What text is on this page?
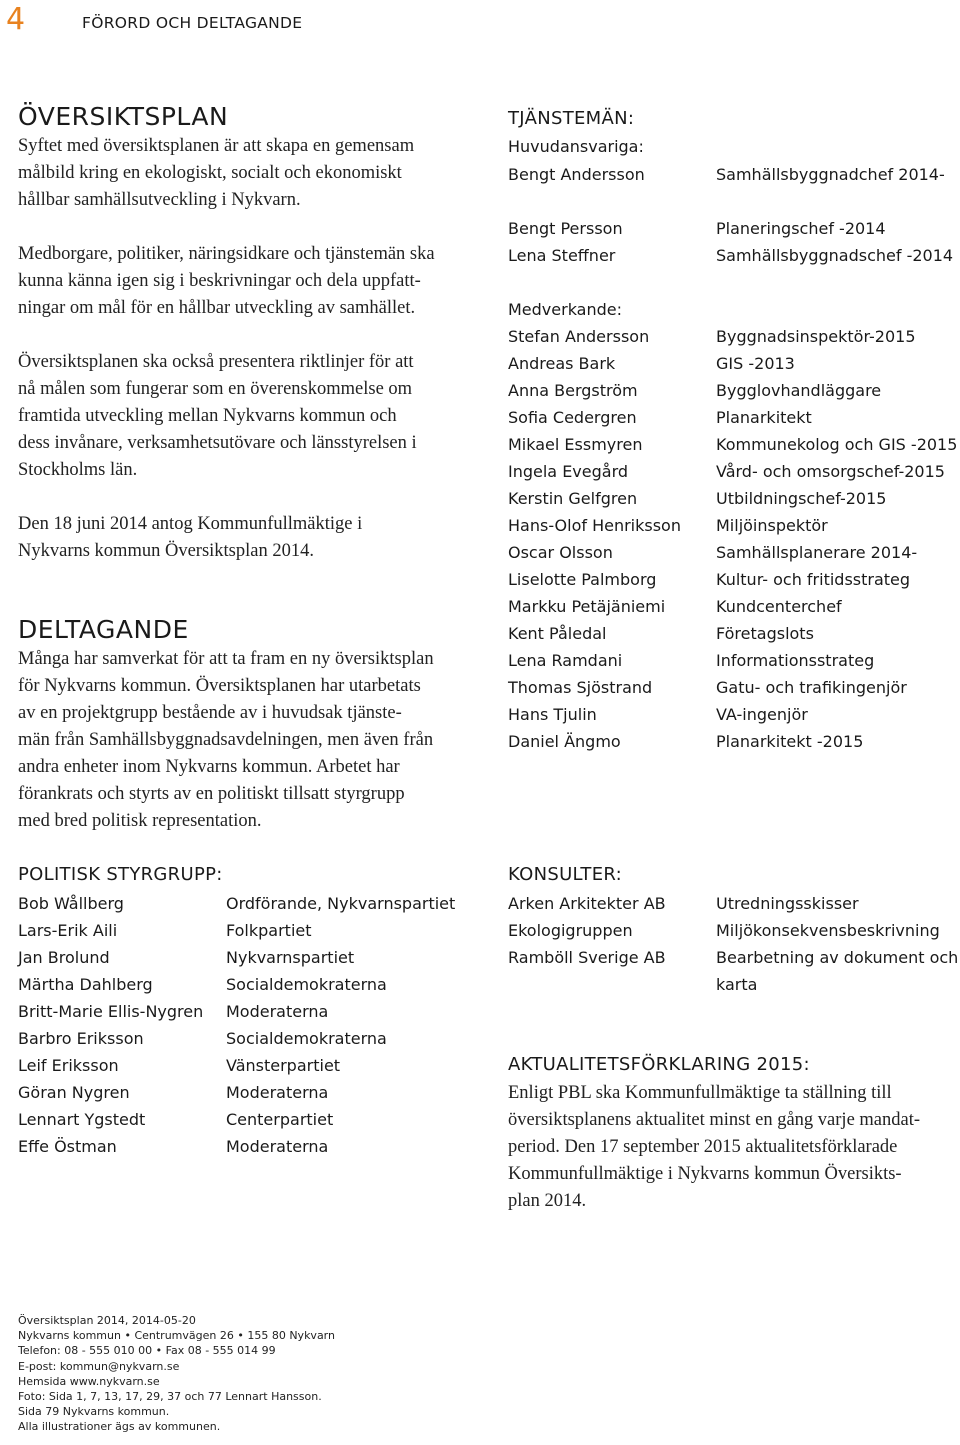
4	FÖRORD OCH DELTAGANDE
ÖVERSIKTSPLAN
Syftet med översiktsplanen är att skapa en gemensam
målbild kring en ekologiskt, socialt och ekonomiskt
hållbar samhällsutveckling i Nykvarn.
Medborgare, politiker, näringsidkare och tjänstemän ska
kunna känna igen sig i beskrivningar och dela uppfatt-
ningar om mål för en hållbar utveckling av samhället.
Översiktsplanen ska också presentera riktlinjer för att
nå målen som fungerar som en överenskommelse om
framtida utveckling mellan Nykvarns kommun och
dess invånare, verksamhetsutövare och länsstyrelsen i
Stockholms län.
Den 18 juni 2014 antog Kommunfullmäktige i
Nykvarns kommun Översiktsplan 2014.
DELTAGANDE
Många har samverkat för att ta fram en ny översiktsplan
för Nykvarns kommun. Översiktsplanen har utarbetats
av en projektgrupp bestående av i huvudsak tjänste-
män från Samhällsbyggnadsavdelningen, men även från
andra enheter inom Nykvarns kommun. Arbetet har
förankrats och styrts av en politiskt tillsatt styrgrupp
med bred politisk representation.
TJÄNSTEMÄN:
Huvudansvariga:
Bengt Andersson	Samhällsbyggnadchef 2014-
Bengt Persson	Planeringschef -2014
Lena Steffner	Samhällsbyggnadschef -2014
Medverkande:
Stefan Andersson	Byggnadsinspektör-2015
Andreas Bark	GIS -2013
Anna Bergström	Bygglovhandläggare
Sofia Cedergren	Planarkitekt
Mikael Essmyren	Kommunekolog och GIS -2015
Ingela Evegård	Vård- och omsorgschef-2015
Kerstin Gelfgren	Utbildningschef-2015
Hans-Olof Henriksson Miljöinspektör
Oscar Olsson	Samhällsplanerare 2014-
Liselotte Palmborg	Kultur- och fritidsstrateg
Markku Petäjäniemi	Kundcenterchef
Kent Påledal	Företagslots
Lena Ramdani	Informationsstrateg
Thomas Sjöstrand	Gatu- och trafikingenjör
Hans Tjulin	VA-ingenjör
Daniel Ängmo	Planarkitekt -2015
POLITISK STYRGRUPP:
Bob Wållberg	Ordförande, Nykvarnspartiet
Lars-Erik Aili	Folkpartiet
Jan Brolund	Nykvarnspartiet
Märtha Dahlberg	Socialdemokraterna
Britt-Marie Ellis-Nygren Moderaterna
Barbro Eriksson	Socialdemokraterna
Leif Eriksson	Vänsterpartiet
Göran Nygren	Moderaterna
Lennart Ygstedt	Centerpartiet
Effe Östman	Moderaterna
KONSULTER:
Arken Arkitekter AB	Utredningsskisser
Ekologigruppen	Miljökonsekvensbeskrivning
Ramböll Sverige AB	Bearbetning av dokument och
karta
AKTUALITETSFÖRKLARING 2015:
Enligt PBL ska Kommunfullmäktige ta ställning till
översiktsplanens aktualitet minst en gång varje mandat-
period. Den 17 september 2015 aktualitetsförklarade
Kommunfullmäktige i Nykvarns kommun Översikts-
plan 2014.
Översiktsplan 2014, 2014-05-20
Nykvarns kommun • Centrumvägen 26 • 155 80 Nykvarn
Telefon: 08 - 555 010 00 • Fax 08 - 555 014 99
E-post: kommun@nykvarn.se
Hemsida www.nykvarn.se
Foto: Sida 1, 7, 13, 17, 29, 37 och 77 Lennart Hansson.
Sida 79 Nykvarns kommun.
Alla illustrationer ägs av kommunen.
